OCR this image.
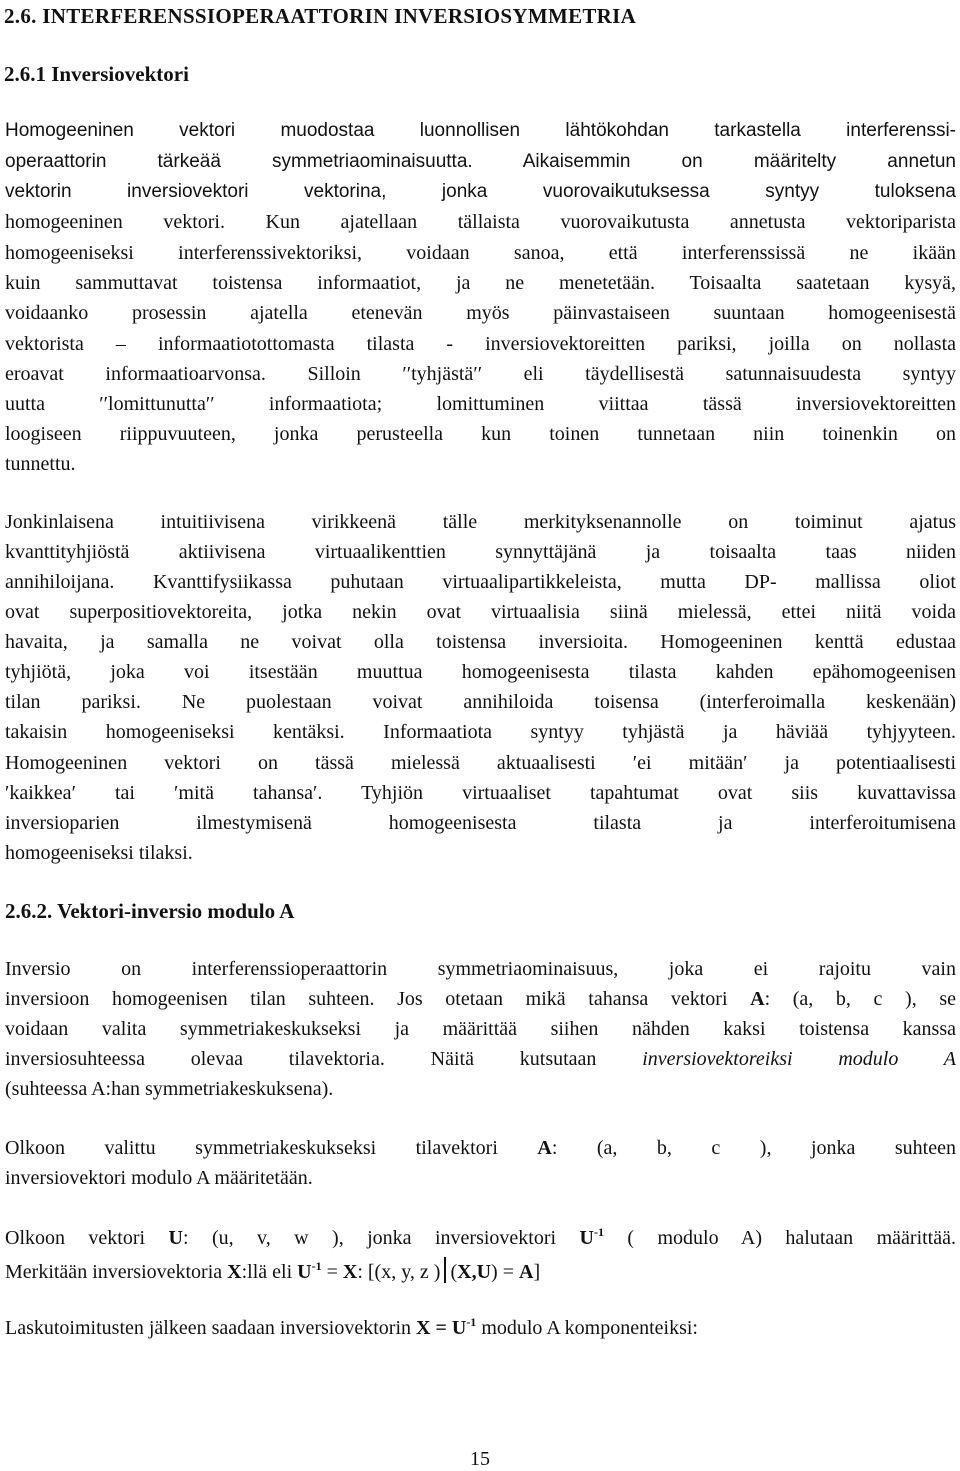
2.6. INTERFERENSSIOPERAATTORIN INVERSIOSYMMETRIA
2.6.1 Inversiovektori
Homogeeninen vektori muodostaa luonnollisen lähtökohdan tarkastella interferenssi-
operaattorin tärkeää symmetriaominaisuutta. Aikaisemmin on määritelty annetun
vektorin inversiovektori vektorina, jonka vuorovaikutuksessa syntyy tuloksena
homogeeninen vektori. Kun ajatellaan tällaista vuorovaikutusta annetusta vektoriparista
homogeeniseksi interferenssivektoriksi, voidaan sanoa, että interferenssissä ne ikään
kuin sammuttavat toistensa informaatiot, ja ne menetetään. Toisaalta saatetaan kysyä,
voidaanko prosessin ajatella etenevän myös päinvastaiseen suuntaan homogeenisestä
vektorista – informaatiotottomasta tilasta - inversiovektoreitten pariksi, joilla on nollasta
eroavat informaatioarvonsa. Silloin ′′tyhjästä′′ eli täydellisestä satunnaisuudesta syntyy
uutta ′′lomittunutta′′ informaatiota; lomittuminen viittaa tässä inversiovektoreitten
loogiseen riippuvuuteen, jonka perusteella kun toinen tunnetaan niin toinenkin on
tunnettu.
Jonkinlaisena intuitiivisena virikkeenä tälle merkityksenannolle on toiminut ajatus
kvanttityhjiöstä aktiivisena virtuaalikenttien synnyttäjänä ja toisaalta taas niiden
annihiloijana. Kvanttifysiikassa puhutaan virtuaalipartikkeleista, mutta DP- mallissa oliot
ovat superpositiovektoreita, jotka nekin ovat virtuaalisia siinä mielessä, ettei niitä voida
havaita, ja samalla ne voivat olla toistensa inversioita. Homogeeninen kenttä edustaa
tyhjiötä, joka voi itsestään muuttua homogeenisesta tilasta kahden epähomogeenisen
tilan pariksi. Ne puolestaan voivat annihiloida toisensa (interferoimalla keskenään)
takaisin homogeeniseksi kentäksi. Informaatiota syntyy tyhjästä ja häviää tyhjyyteen.
Homogeeninen vektori on tässä mielessä aktuaalisesti ′ei mitään′ ja potentiaalisesti
′kaikkea′ tai ′mitä tahansa′. Tyhjiön virtuaaliset tapahtumat ovat siis kuvattavissa
inversioparien ilmestymisenä homogeenisesta tilasta ja interferoitumisena
homogeeniseksi tilaksi.
2.6.2. Vektori-inversio modulo A
Inversio on interferenssioperaattorin symmetriaominaisuus, joka ei rajoitu vain
inversioon homogeenisen tilan suhteen. Jos otetaan mikä tahansa vektori A: (a, b, c ), se
voidaan valita symmetriakeskukseksi ja määrittää siihen nähden kaksi toistensa kanssa
inversiosuhteessa olevaa tilavektoria. Näitä kutsutaan inversiovektoreiksi modulo A
(suhteessa A:han symmetriakeskuksena).
Olkoon valittu symmetriakeskukseksi tilavektori A: (a, b, c ), jonka suhteen
inversiovektori modulo A määritetään.
Olkoon vektori U: (u, v, w ), jonka inversiovektori $U^{-1}$ ( modulo A) halutaan määrittää.
Merkitään inversiovektoria X:llä eli $U^{-1} = X$: [(x, y, z ) (X,U) = A]
Laskutoimitusten jälkeen saadaan inversiovektorin $X = U^{-1}$ modulo A komponenteiksi:
15
